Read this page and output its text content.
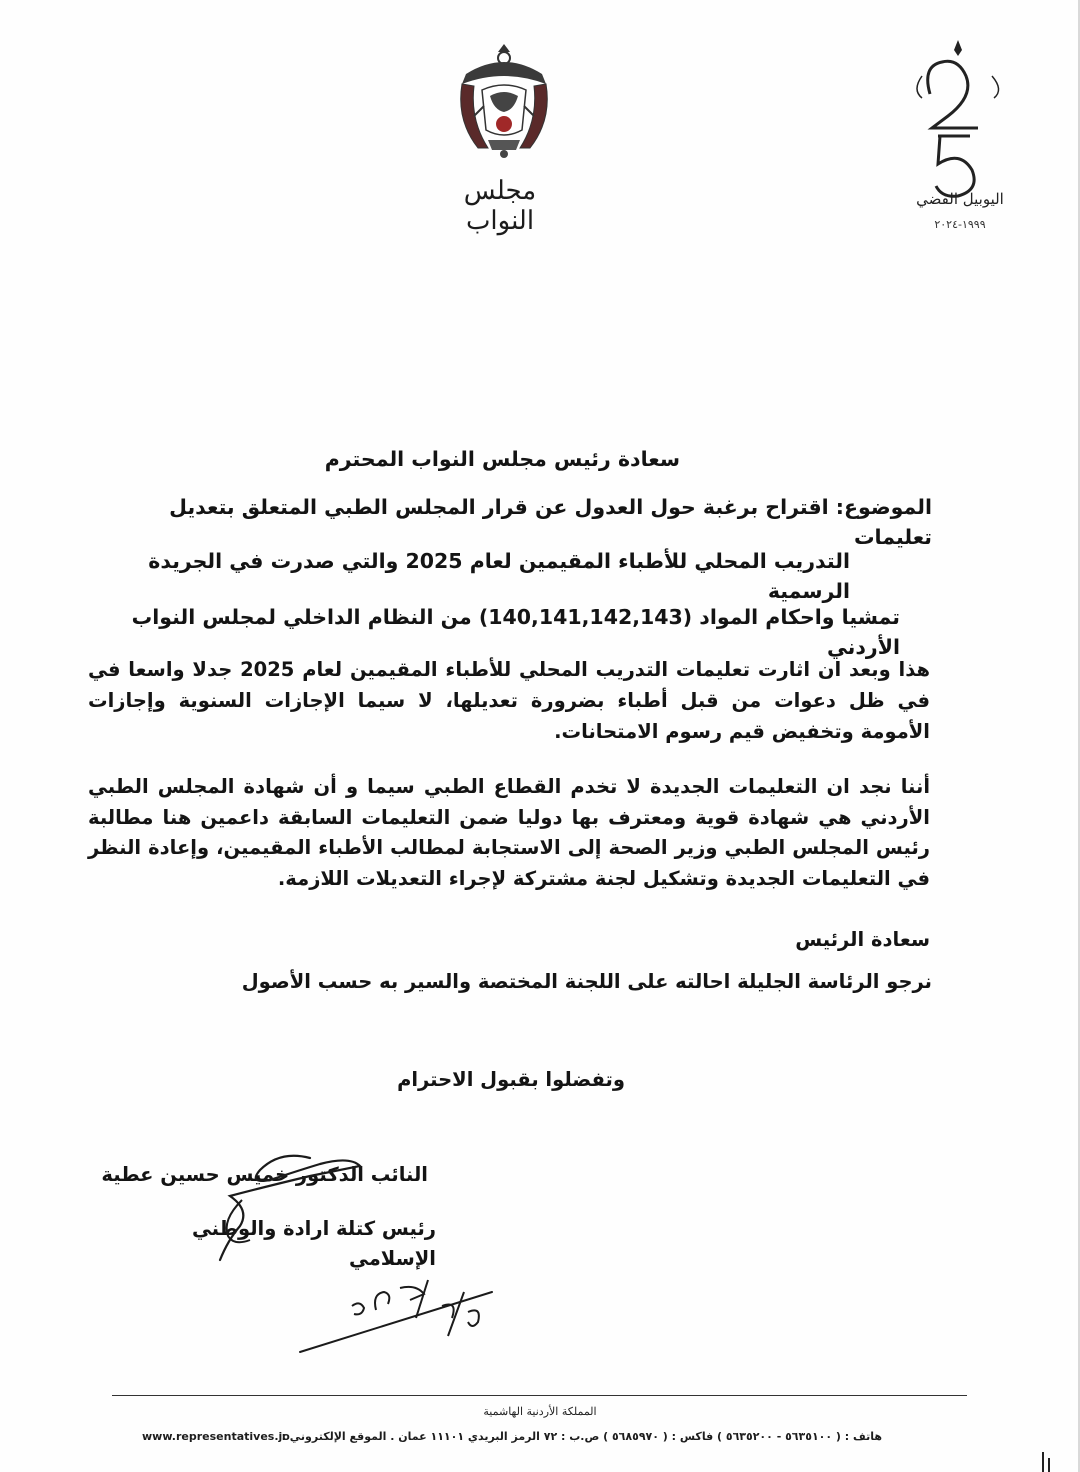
مجلس النواب
اليوبيل الفضي
١٩٩٩-٢٠٢٤
سعادة رئيس مجلس النواب المحترم
الموضوع: اقتراح برغبة حول العدول عن قرار المجلس الطبي المتعلق بتعديل تعليمات
التدريب المحلي للأطباء المقيمين لعام 2025 والتي صدرت في الجريدة الرسمية
تمشيا واحكام المواد (140,141,142,143) من النظام الداخلي لمجلس النواب الأردني
هذا وبعد ان اثارت تعليمات التدريب المحلي للأطباء المقيمين لعام 2025 جدلا واسعا في في ظل دعوات من قبل أطباء بضرورة تعديلها، لا سيما الإجازات السنوية وإجازات الأمومة وتخفيض قيم رسوم الامتحانات.
أننا نجد ان التعليمات الجديدة لا تخدم القطاع الطبي سيما و أن شهادة المجلس الطبي الأردني هي شهادة قوية ومعترف بها دوليا ضمن التعليمات السابقة داعمين هنا مطالبة رئيس المجلس الطبي وزير الصحة إلى الاستجابة لمطالب الأطباء المقيمين، وإعادة النظر في التعليمات الجديدة وتشكيل لجنة مشتركة لإجراء التعديلات اللازمة.
سعادة الرئيس
نرجو الرئاسة الجليلة احالته على اللجنة المختصة والسير به حسب الأصول
وتفضلوا بقبول الاحترام
النائب الدكتور خميس حسين عطية
رئيس كتلة ارادة والوطني الإسلامي
المملكة الأردنية الهاشمية
هاتف : ( ٥٦٣٥١٠٠ - ٥٦٣٥٢٠٠ ) فاكس : ( ٥٦٨٥٩٧٠ ) ص.ب : ٧٢ الرمز البريدي ١١١٠١ عمان . الموقع الإلكتروني :
www.representatives.jo
